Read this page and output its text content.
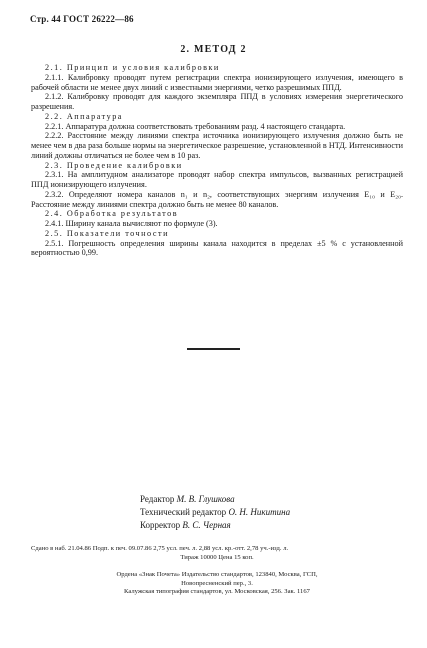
Стр. 44 ГОСТ 26222—86
2. МЕТОД 2

2.1. Принцип и условия калибровки

2.1.1. Калибровку проводят путем регистрации спектра ионизирующего излучения, имеющего в рабочей области не менее двух линий с известными энергиями, четко разрешимых ППД.

2.1.2. Калибровку проводят для каждого экземпляра ППД в условиях измерения энергетического разрешения.

2.2. Аппаратура

2.2.1. Аппаратура должна соответствовать требованиям разд. 4 настоящего стандарта.

2.2.2. Расстояние между линиями спектра источника ионизирующего излучения должно быть не менее чем в два раза больше нормы на энергетическое разрешение, установленной в НТД. Интенсивности линий должны отличаться не более чем в 10 раз.

2.3. Проведение калибровки

2.3.1. На амплитудном анализаторе проводят набор спектра импульсов, вызванных регистрацией ППД ионизирующего излучения.

2.3.2. Определяют номера каналов n₁ и n₂, соответствующих энергиям излучения E₁₀ и E₂₀. Расстояние между линиями спектра должно быть не менее 80 каналов.

2.4. Обработка результатов

2.4.1. Ширину канала вычисляют по формуле (3).

2.5. Показатели точности

2.5.1. Погрешность определения ширины канала находится в пределах ±5 % с установленной вероятностью 0,99.

Редактор М. В. Глушкова
Технический редактор О. Н. Никитина
Корректор В. С. Черная
Сдано в наб. 21.04.86 Подп. к печ. 09.07.86 2,75 усл. печ. л. 2,88 усл. кр.-отт. 2,78 уч.-изд. л.
Тираж 10000 Цена 15 коп.
Ордена «Знак Почета» Издательство стандартов, 123840, Москва, ГСП,
Новопресненский пер., 3.
Калужская типография стандартов, ул. Московская, 256. Зак. 1167
